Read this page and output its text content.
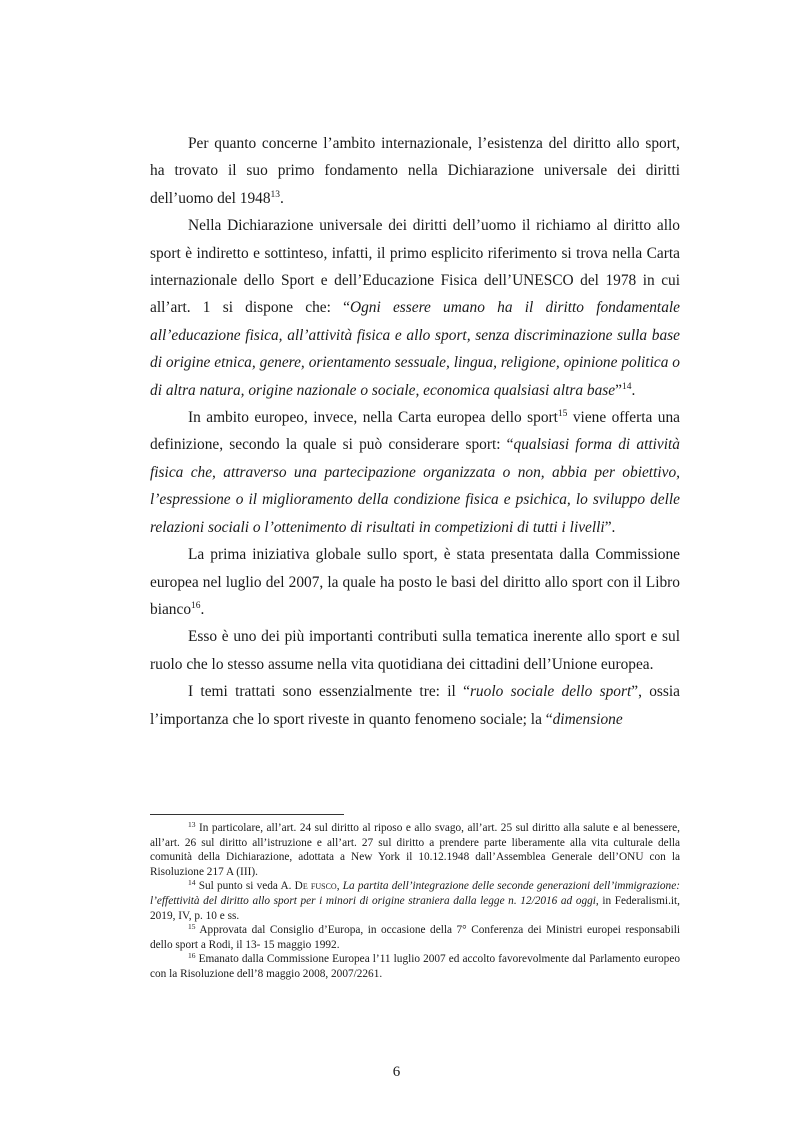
Per quanto concerne l’ambito internazionale, l’esistenza del diritto allo sport, ha trovato il suo primo fondamento nella Dichiarazione universale dei diritti dell’uomo del 1948$^{13}$.

Nella Dichiarazione universale dei diritti dell’uomo il richiamo al diritto allo sport è indiretto e sottinteso, infatti, il primo esplicito riferimento si trova nella Carta internazionale dello Sport e dell’Educazione Fisica dell’UNESCO del 1978 in cui all’art. 1 si dispone che: “Ogni essere umano ha il diritto fondamentale all’educazione fisica, all’attività fisica e allo sport, senza discriminazione sulla base di origine etnica, genere, orientamento sessuale, lingua, religione, opinione politica o di altra natura, origine nazionale o sociale, economica qualsiasi altra base”$^{14}$.

In ambito europeo, invece, nella Carta europea dello sport$^{15}$ viene offerta una definizione, secondo la quale si può considerare sport: “qualsiasi forma di attività fisica che, attraverso una partecipazione organizzata o non, abbia per obiettivo, l’espressione o il miglioramento della condizione fisica e psichica, lo sviluppo delle relazioni sociali o l’ottenimento di risultati in competizioni di tutti i livelli”.

La prima iniziativa globale sullo sport, è stata presentata dalla Commissione europea nel luglio del 2007, la quale ha posto le basi del diritto allo sport con il Libro bianco$^{16}$.

Esso è uno dei più importanti contributi sulla tematica inerente allo sport e sul ruolo che lo stesso assume nella vita quotidiana dei cittadini dell’Unione europea.

I temi trattati sono essenzialmente tre: il “ruolo sociale dello sport”, ossia l’importanza che lo sport riveste in quanto fenomeno sociale; la “dimensione

$^{13}$ In particolare, all’art. 24 sul diritto al riposo e allo svago, all’art. 25 sul diritto alla salute e al benessere, all’art. 26 sul diritto all’istruzione e all’art. 27 sul diritto a prendere parte liberamente alla vita culturale della comunità della Dichiarazione, adottata a New York il 10.12.1948 dall’Assemblea Generale dell’ONU con la Risoluzione 217 A (III).

$^{14}$ Sul punto si veda A. De fusco, La partita dell’integrazione delle seconde generazioni dell’immigrazione: l’effettività del diritto allo sport per i minori di origine straniera dalla legge n. 12/2016 ad oggi, in Federalismi.it, 2019, IV, p. 10 e ss.

$^{15}$ Approvata dal Consiglio d’Europa, in occasione della 7° Conferenza dei Ministri europei responsabili dello sport a Rodi, il 13- 15 maggio 1992.

$^{16}$ Emanato dalla Commissione Europea l’11 luglio 2007 ed accolto favorevolmente dal Parlamento europeo con la Risoluzione dell’8 maggio 2008, 2007/2261.

6
